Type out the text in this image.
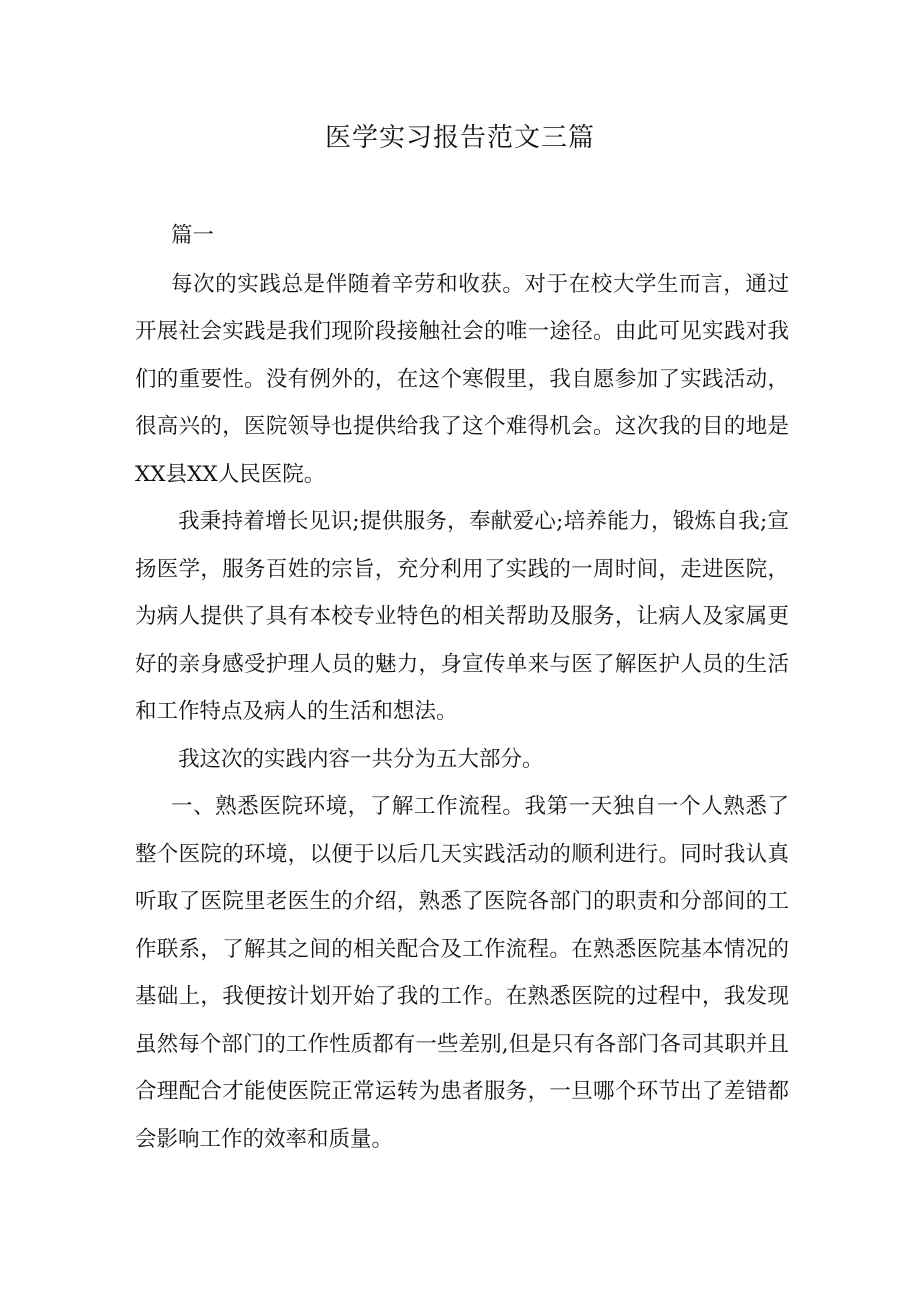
医学实习报告范文三篇

篇一

每次的实践总是伴随着辛劳和收获。对于在校大学生而言，通过开展社会实践是我们现阶段接触社会的唯一途径。由此可见实践对我们的重要性。没有例外的，在这个寒假里，我自愿参加了实践活动，很高兴的，医院领导也提供给我了这个难得机会。这次我的目的地是XX县XX人民医院。

我秉持着增长见识;提供服务，奉献爱心;培养能力，锻炼自我;宣扬医学，服务百姓的宗旨，充分利用了实践的一周时间，走进医院，为病人提供了具有本校专业特色的相关帮助及服务，让病人及家属更好的亲身感受护理人员的魅力，身宣传单来与医了解医护人员的生活和工作特点及病人的生活和想法。

我这次的实践内容一共分为五大部分。

一、熟悉医院环境，了解工作流程。我第一天独自一个人熟悉了整个医院的环境，以便于以后几天实践活动的顺利进行。同时我认真听取了医院里老医生的介绍，熟悉了医院各部门的职责和分部间的工作联系，了解其之间的相关配合及工作流程。在熟悉医院基本情况的基础上，我便按计划开始了我的工作。在熟悉医院的过程中，我发现虽然每个部门的工作性质都有一些差别,但是只有各部门各司其职并且合理配合才能使医院正常运转为患者服务，一旦哪个环节出了差错都会影响工作的效率和质量。
